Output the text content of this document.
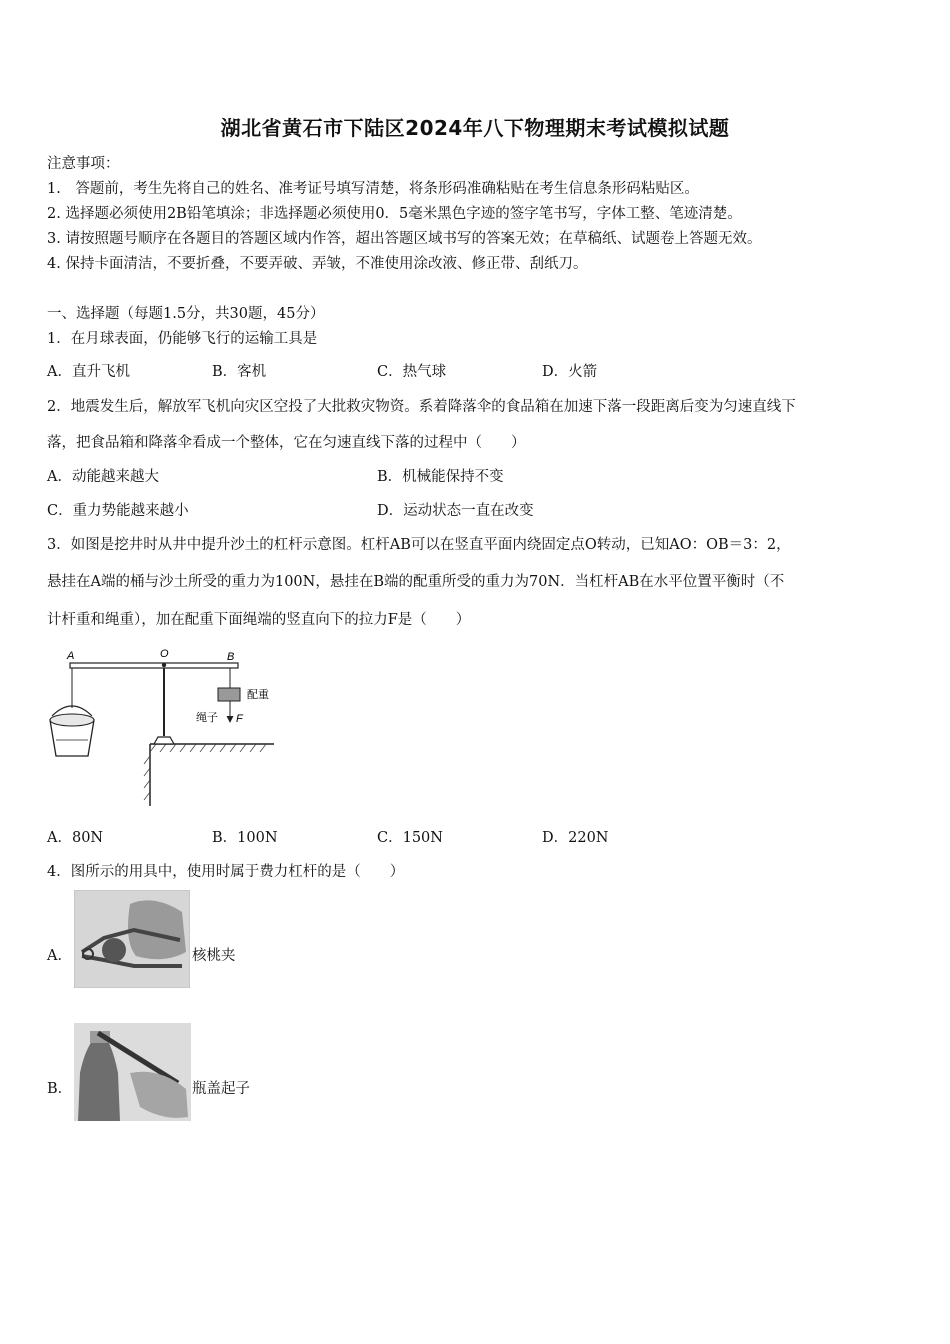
湖北省黄石市下陆区2024年八下物理期末考试模拟试题
注意事项：
1.　答题前，考生先将自己的姓名、准考证号填写清楚，将条形码准确粘贴在考生信息条形码粘贴区。
2. 选择题必须使用2B铅笔填涂；非选择题必须使用0．5毫米黑色字迹的签字笔书写，字体工整、笔迹清楚。
3. 请按照题号顺序在各题目的答题区域内作答，超出答题区域书写的答案无效；在草稿纸、试题卷上答题无效。
4. 保持卡面清洁，不要折叠，不要弄破、弄皱，不准使用涂改液、修正带、刮纸刀。
一、选择题（每题1.5分，共30题，45分）
1．在月球表面，仍能够飞行的运输工具是
A．直升飞机	B．客机	C．热气球	D．火箭
2．地震发生后，解放军飞机向灾区空投了大批救灾物资。系着降落伞的食品箱在加速下落一段距离后变为匀速直线下
落，把食品箱和降落伞看成一个整体，它在匀速直线下落的过程中（　　）
A．动能越来越大	B．机械能保持不变
C．重力势能越来越小	D．运动状态一直在改变
3．如图是挖井时从井中提升沙土的杠杆示意图。杠杆AB可以在竖直平面内绕固定点O转动，已知AO：OB＝3：2，
悬挂在A端的桶与沙土所受的重力为100N，悬挂在B端的配重所受的重力为70N．当杠杆AB在水平位置平衡时（不
计杆重和绳重），加在配重下面绳端的竖直向下的拉力F是（　　）
A	O	B
配重
绳子 F
A．80N	B．100N	C．150N	D．220N
4．图所示的用具中，使用时属于费力杠杆的是（　　）
A．	核桃夹
B．	瓶盖起子
